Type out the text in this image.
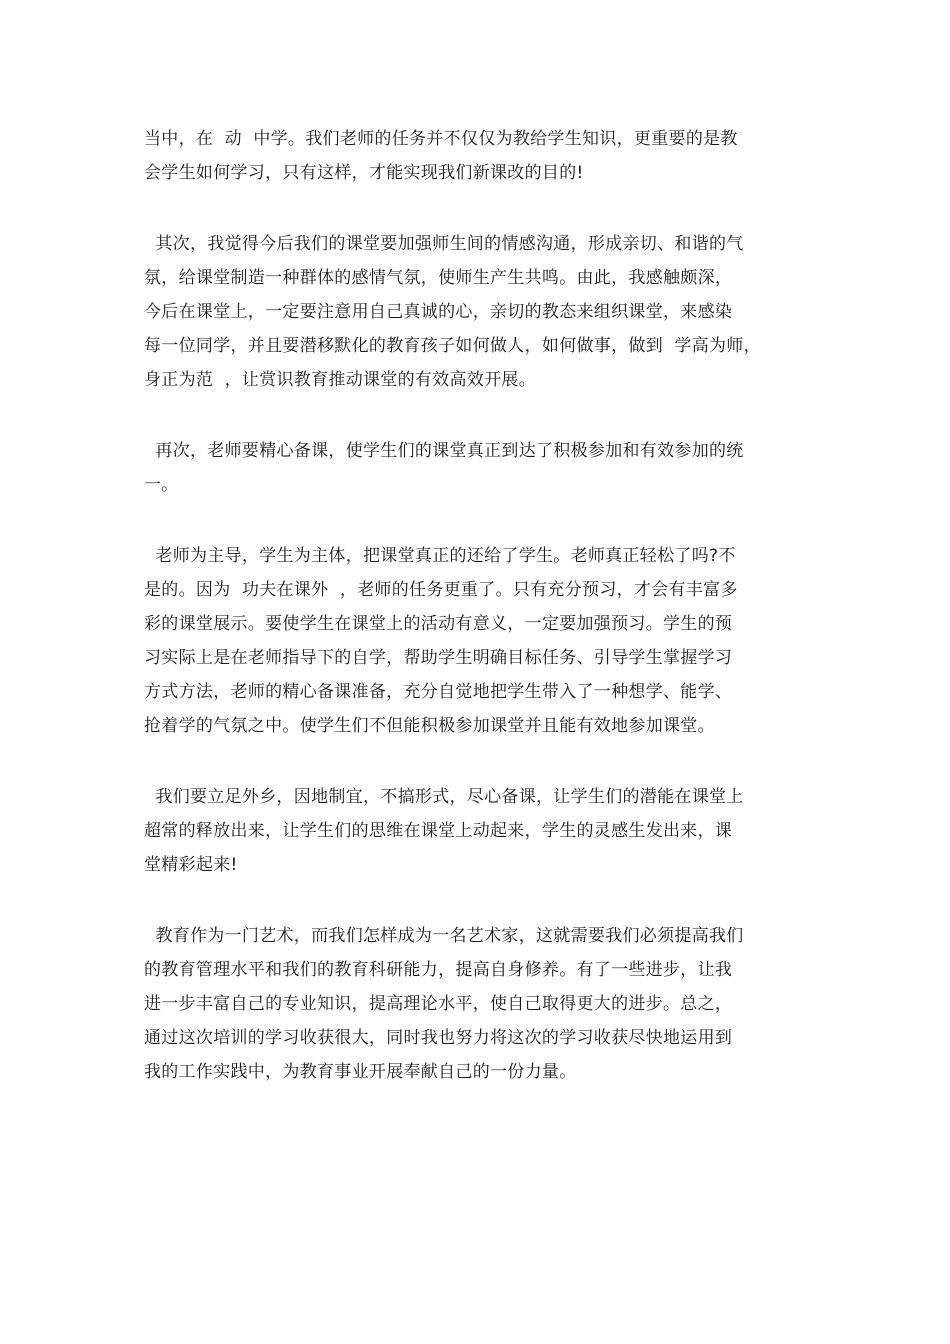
当中，在  动  中学。我们老师的任务并不仅仅为教给学生知识，更重要的是教
会学生如何学习，只有这样，才能实现我们新课改的目的!
其次，我觉得今后我们的课堂要加强师生间的情感沟通，形成亲切、和谐的气
氛，给课堂制造一种群体的感情气氛，使师生产生共鸣。由此，我感触颇深，
今后在课堂上，一定要注意用自己真诚的心，亲切的教态来组织课堂，来感染
每一位同学，并且要潜移默化的教育孩子如何做人，如何做事，做到  学高为师，
身正为范  ，让赏识教育推动课堂的有效高效开展。
再次，老师要精心备课，使学生们的课堂真正到达了积极参加和有效参加的统
一。
老师为主导，学生为主体，把课堂真正的还给了学生。老师真正轻松了吗?不
是的。因为  功夫在课外  ，老师的任务更重了。只有充分预习，才会有丰富多
彩的课堂展示。要使学生在课堂上的活动有意义，一定要加强预习。学生的预
习实际上是在老师指导下的自学，帮助学生明确目标任务、引导学生掌握学习
方式方法，老师的精心备课准备，充分自觉地把学生带入了一种想学、能学、
抢着学的气氛之中。使学生们不但能积极参加课堂并且能有效地参加课堂。
我们要立足外乡，因地制宜，不搞形式，尽心备课，让学生们的潜能在课堂上
超常的释放出来，让学生们的思维在课堂上动起来，学生的灵感生发出来，课
堂精彩起来!
教育作为一门艺术，而我们怎样成为一名艺术家，这就需要我们必须提高我们
的教育管理水平和我们的教育科研能力，提高自身修养。有了一些进步，让我
进一步丰富自己的专业知识，提高理论水平，使自己取得更大的进步。总之，
通过这次培训的学习收获很大，同时我也努力将这次的学习收获尽快地运用到
我的工作实践中，为教育事业开展奉献自己的一份力量。
